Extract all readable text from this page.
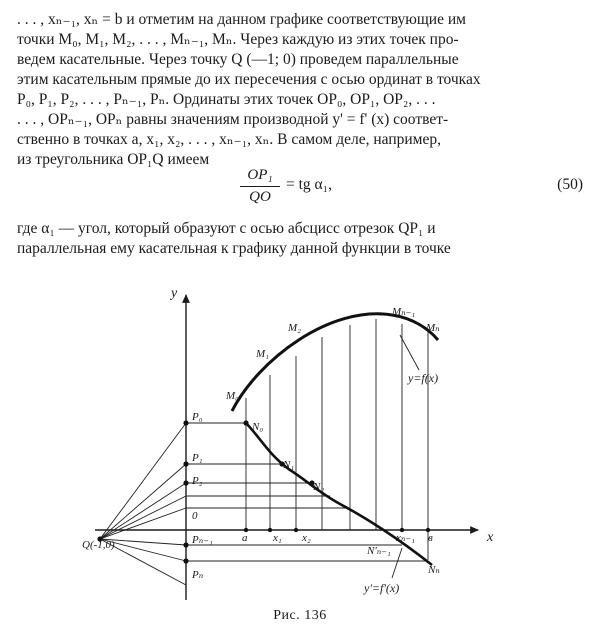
. . . , xₙ₋₁, xₙ = b и отметим на данном графике соответствующие им
точки M₀, M₁, M₂, . . . , Mₙ₋₁, Mₙ. Через каждую из этих точек про-
ведем касательные. Через точку Q (—1; 0) проведем параллельные
этим касательным прямые до их пересечения с осью ординат в точках
P₀, P₁, P₂, . . . , Pₙ₋₁, Pₙ. Ординаты этих точек OP₀, OP₁, OP₂, . . .
. . . , OPₙ₋₁, OPₙ равны значениям производной y' = f' (x) соответ-
ственно в точках a, x₁, x₂, . . . , xₙ₋₁, xₙ. В самом деле, например,
из треугольника OP₁Q имеем
OP₁
QO
= tg α₁,	(50)
где α₁ — угол, который образуют с осью абсцисс отрезок QP₁ и
параллельная ему касательная к графику данной функции в точке
y
x
0
Q(-1,0)
P₀
P₁
P₂
Pₙ₋₁
Pₙ
a x₁ x₂	xₙ₋₁ в
M₀
M₁
M₂
Mₙ₋₁
Mₙ
N₀
N₁
N₂
N'ₙ₋₁
Nₙ
y=f(x)
y'=f'(x)
Рис. 136
